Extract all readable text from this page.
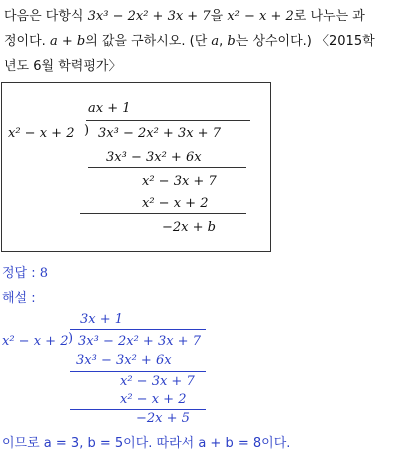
다음은 다항식 3x³ − 2x² + 3x + 7을 x² − x + 2로 나누는 과
정이다. a + b의 값을 구하시오. (단 a, b는 상수이다.) 〈2015학
년도 6월 학력평가〉
ax + 1
x² − x + 2 ) 3x³ − 2x² + 3x + 7
3x³ − 3x² + 6x
x² − 3x + 7
x² − x + 2
−2x + b
정답 : 8
해설 :
3x + 1
x² − x + 2 ) 3x³ − 2x² + 3x + 7
3x³ − 3x² + 6x
x² − 3x + 7
x² − x + 2
−2x + 5
이므로 a = 3, b = 5이다. 따라서 a + b = 8이다.
